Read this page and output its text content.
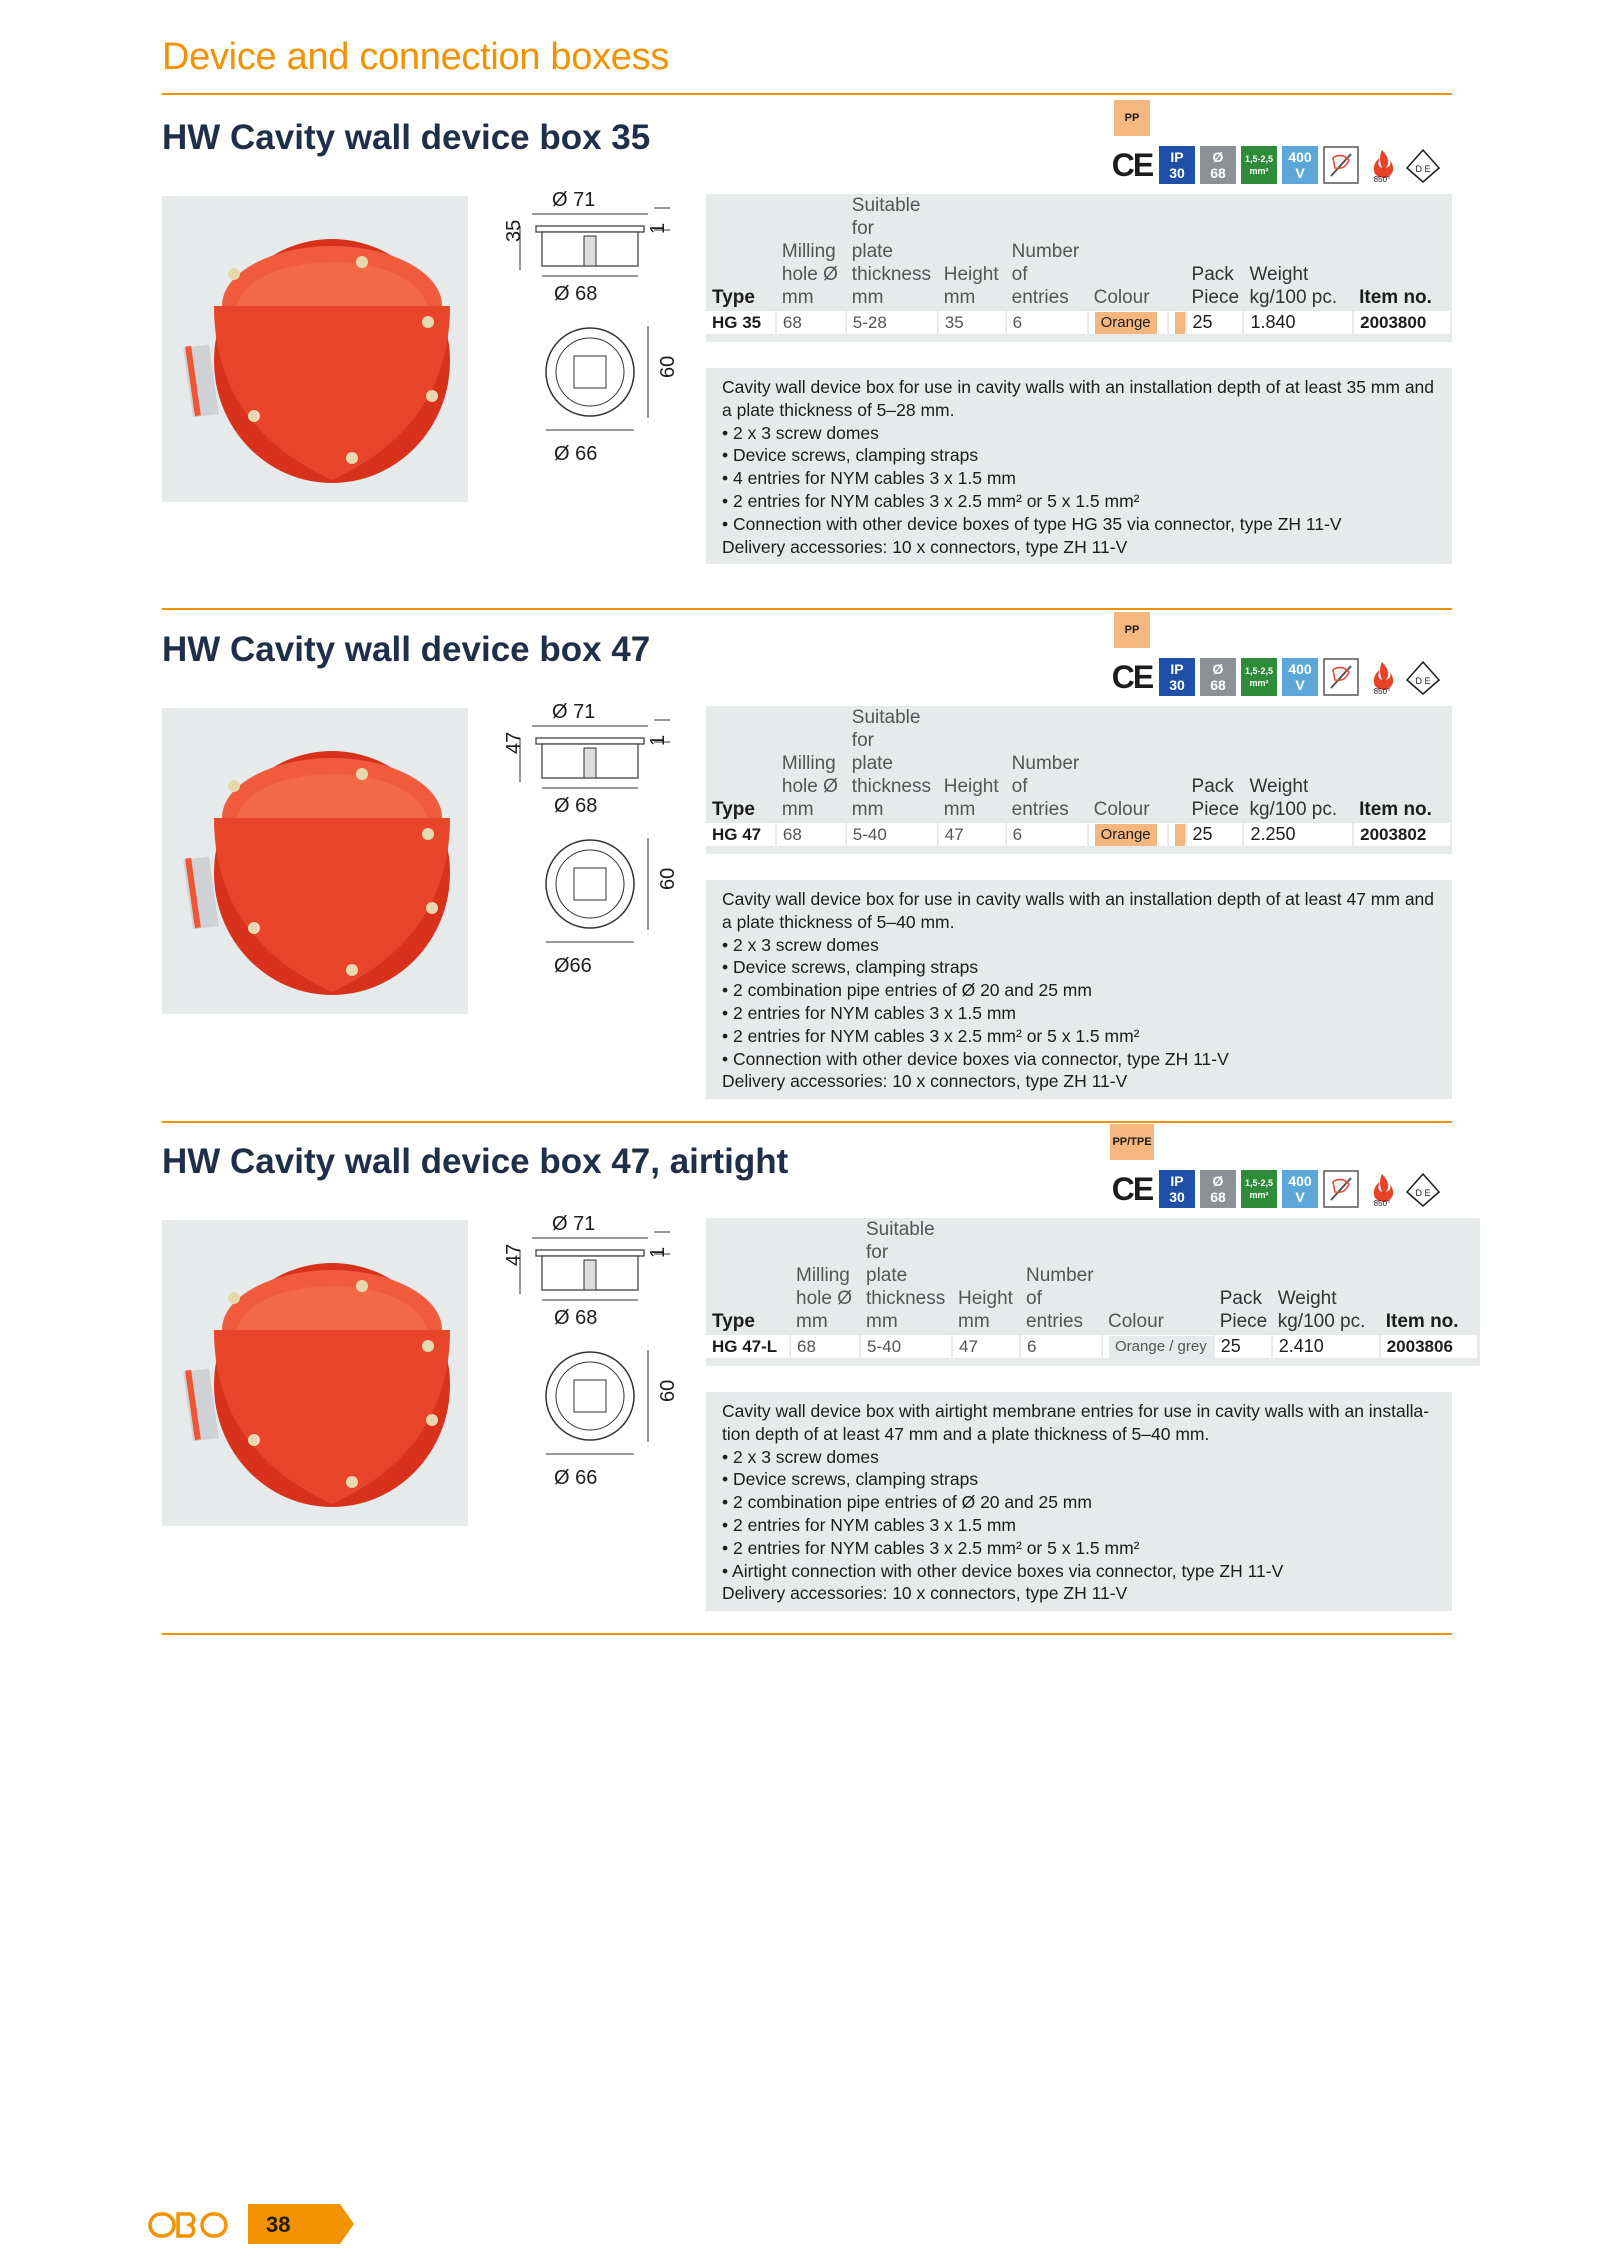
Device and connection boxess
HW Cavity wall device box 35	PP
CE IP
30
Ø
68
1,5-2,5
mm²
400
V	850°
D E
Ø 71
1
35
Ø 68
60
Ø 66
Type	Milling
hole Ø
mm	Suitable
for
plate
thickness
mm	Height
mm	Number
of
entries	Colour		Pack
Piece	Weight
kg/100 pc.	Item no.
HG 35	68	5-28	35	6	Orange		25	1.840	2003800
Cavity wall device box for use in cavity walls with an installation depth of at least 35 mm and
a plate thickness of 5–28 mm.
• 2 x 3 screw domes
• Device screws, clamping straps
• 4 entries for NYM cables 3 x 1.5 mm
• 2 entries for NYM cables 3 x 2.5 mm² or 5 x 1.5 mm²
• Connection with other device boxes of type HG 35 via connector, type ZH 11-V
Delivery accessories: 10 x connectors, type ZH 11-V
HW Cavity wall device box 47	PP
CE IP
30
Ø
68
1,5-2,5
mm²
400
V	850°
D E
Ø 71
1
47
Ø 68
60
Ø66
Type	Milling
hole Ø
mm	Suitable
for
plate
thickness
mm	Height
mm	Number
of
entries	Colour		Pack
Piece	Weight
kg/100 pc.	Item no.
HG 47	68	5-40	47	6	Orange		25	2.250	2003802
Cavity wall device box for use in cavity walls with an installation depth of at least 47 mm and
a plate thickness of 5–40 mm.
• 2 x 3 screw domes
• Device screws, clamping straps
• 2 combination pipe entries of Ø 20 and 25 mm
• 2 entries for NYM cables 3 x 1.5 mm
• 2 entries for NYM cables 3 x 2.5 mm² or 5 x 1.5 mm²
• Connection with other device boxes via connector, type ZH 11-V
Delivery accessories: 10 x connectors, type ZH 11-V
HW Cavity wall device box 47, airtight	PP/TPE
CE IP
30
Ø
68
1,5-2,5
mm²
400
V	850°
D E
Ø 71
1
47
Ø 68
60
Ø 66
Type	Milling
hole Ø
mm	Suitable
for
plate
thickness
mm	Height
mm	Number
of
entries	Colour	Pack
Piece	Weight
kg/100 pc.	Item no.
HG 47-L	68	5-40	47	6	Orange / grey	25	2.410	2003806
Cavity wall device box with airtight membrane entries for use in cavity walls with an installa-
tion depth of at least 47 mm and a plate thickness of 5–40 mm.
• 2 x 3 screw domes
• Device screws, clamping straps
• 2 combination pipe entries of Ø 20 and 25 mm
• 2 entries for NYM cables 3 x 1.5 mm
• 2 entries for NYM cables 3 x 2.5 mm² or 5 x 1.5 mm²
• Airtight connection with other device boxes via connector, type ZH 11-V
Delivery accessories: 10 x connectors, type ZH 11-V
38
